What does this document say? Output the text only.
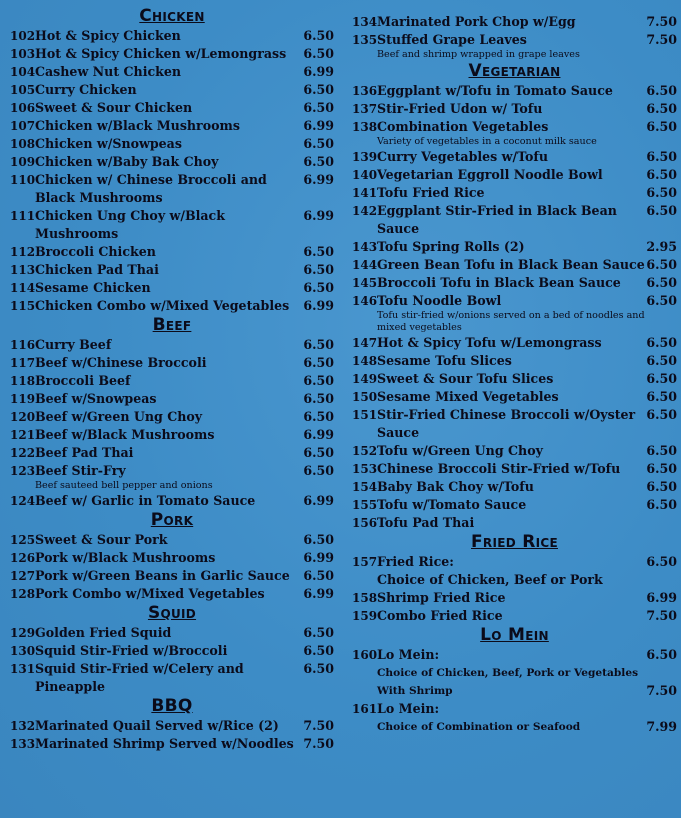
Chicken
102 Hot & Spicy Chicken	6.50
103 Hot & Spicy Chicken w/Lemongrass	6.50
104 Cashew Nut Chicken	6.99
105 Curry Chicken	6.50
106 Sweet & Sour Chicken	6.50
107 Chicken w/Black Mushrooms	6.99
108 Chicken w/Snowpeas	6.50
109 Chicken w/Baby Bak Choy	6.50
110 Chicken w/ Chinese Broccoli and Black Mushrooms
6.99
111 Chicken Ung Choy w/Black Mushrooms
6.99
112 Broccoli Chicken	6.50
113 Chicken Pad Thai	6.50
114 Sesame Chicken	6.50
115 Chicken Combo w/Mixed Vegetables	6.99
Beef
116 Curry Beef	6.50
117 Beef w/Chinese Broccoli	6.50
118 Broccoli Beef	6.50
119 Beef w/Snowpeas	6.50
120 Beef w/Green Ung Choy	6.50
121 Beef w/Black Mushrooms	6.99
122 Beef Pad Thai	6.50
123 Beef Stir-Fry	6.50
Beef sauteed bell pepper and onions
124 Beef w/ Garlic in Tomato Sauce	6.99
Pork
125 Sweet & Sour Pork	6.50
126 Pork w/Black Mushrooms	6.99
127 Pork w/Green Beans in Garlic Sauce	6.50
128 Pork Combo w/Mixed Vegetables	6.99
Squid
129 Golden Fried Squid	6.50
130 Squid Stir-Fried w/Broccoli	6.50
131 Squid Stir-Fried w/Celery and Pineapple
6.50
BBQ
132 Marinated Quail Served w/Rice (2)	7.50
133 Marinated Shrimp Served w/Noodles 7.50
134 Marinated Pork Chop w/Egg	7.50
135 Stuffed Grape Leaves	7.50
Beef and shrimp wrapped in grape leaves
Vegetarian
136 Eggplant w/Tofu in Tomato Sauce	6.50
137 Stir-Fried Udon w/ Tofu	6.50
138 Combination Vegetables	6.50
Variety of vegetables in a coconut milk sauce
139 Curry Vegetables w/Tofu	6.50
140 Vegetarian Eggroll Noodle Bowl	6.50
141 Tofu Fried Rice	6.50
142 Eggplant Stir-Fried in Black Bean Sauce
6.50
143 Tofu Spring Rolls (2)	2.95
144 Green Bean Tofu in Black Bean Sauce 6.50
145 Broccoli Tofu in Black Bean Sauce	6.50
146 Tofu Noodle Bowl	6.50
Tofu stir-fried w/onions served on a bed of noodles and mixed vegetables
147 Hot & Spicy Tofu w/Lemongrass	6.50
148 Sesame Tofu Slices	6.50
149 Sweet & Sour Tofu Slices	6.50
150 Sesame Mixed Vegetables	6.50
151 Stir-Fried Chinese Broccoli w/Oyster Sauce
6.50
152 Tofu w/Green Ung Choy	6.50
153 Chinese Broccoli Stir-Fried w/Tofu	6.50
154 Baby Bak Choy w/Tofu	6.50
155 Tofu w/Tomato Sauce	6.50
156 Tofu Pad Thai
Fried Rice
157 Fried Rice:	6.50
Choice of Chicken, Beef or Pork
158 Shrimp Fried Rice	6.99
159 Combo Fried Rice	7.50
Lo Mein
160 Lo Mein:	6.50
Choice of Chicken, Beef, Pork or Vegetables
With Shrimp	7.50
161 Lo Mein:
Choice of Combination or Seafood	7.99
